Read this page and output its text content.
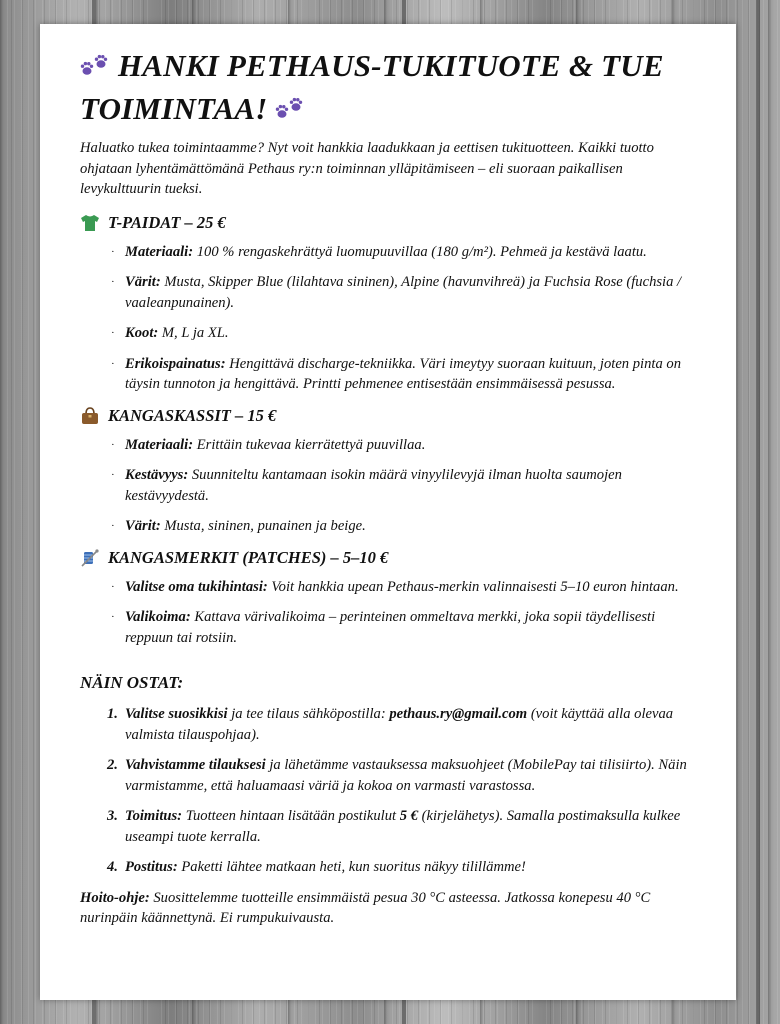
HANKI PETHAUS-TUKITUOTE & TUE
TOIMINTAA!

Haluatko tukea toimintaamme? Nyt voit hankkia laadukkaan ja eettisen tukituotteen. Kaikki tuotto ohjataan lyhentämättömänä Pethaus ry:n toiminnan ylläpitämiseen – eli suoraan paikallisen levykulttuurin tueksi.

T-PAIDAT – 25 €
· Materiaali: 100 % rengaskehrättyä luomupuuvillaa (180 g/m²). Pehmeä ja kestävä laatu.
· Värit: Musta, Skipper Blue (lilahtava sininen), Alpine (havunvihreä) ja Fuchsia Rose (fuchsia / vaaleanpunainen).
· Koot: M, L ja XL.
· Erikoispainatus: Hengittävä discharge-tekniikka. Väri imeytyy suoraan kuituun, joten pinta on täysin tunnoton ja hengittävä. Printti pehmenee entisestään ensimmäisessä pesussa.
KANGASKASSIT – 15 €
· Materiaali: Erittäin tukevaa kierrätettyä puuvillaa.
· Kestävyys: Suunniteltu kantamaan isokin määrä vinyylilevyjä ilman huolta saumojen kestävyydestä.
· Värit: Musta, sininen, punainen ja beige.
KANGASMERKIT (PATCHES) – 5–10 €
· Valitse oma tukihintasi: Voit hankkia upean Pethaus-merkin valinnaisesti 5–10 euron hintaan.
· Valikoima: Kattava värivalikoima – perinteinen ommeltava merkki, joka sopii täydellisesti reppuun tai rotsiin.
NÄIN OSTAT:
1. Valitse suosikkisi ja tee tilaus sähköpostilla: pethaus.ry@gmail.com (voit käyttää alla olevaa valmista tilauspohjaa).
2. Vahvistamme tilauksesi ja lähetämme vastauksessa maksuohjeet (MobilePay tai tilisiirto). Näin varmistamme, että haluamaasi väriä ja kokoa on varmasti varastossa.
3. Toimitus: Tuotteen hintaan lisätään postikulut 5 € (kirjelähetys). Samalla postimaksulla kulkee useampi tuote kerralla.
4. Postitus: Paketti lähtee matkaan heti, kun suoritus näkyy tilillämme!

Hoito-ohje: Suosittelemme tuotteille ensimmäistä pesua 30 °C asteessa. Jatkossa konepesu 40 °C nurinpäin käännettynä. Ei rumpukuivausta.
